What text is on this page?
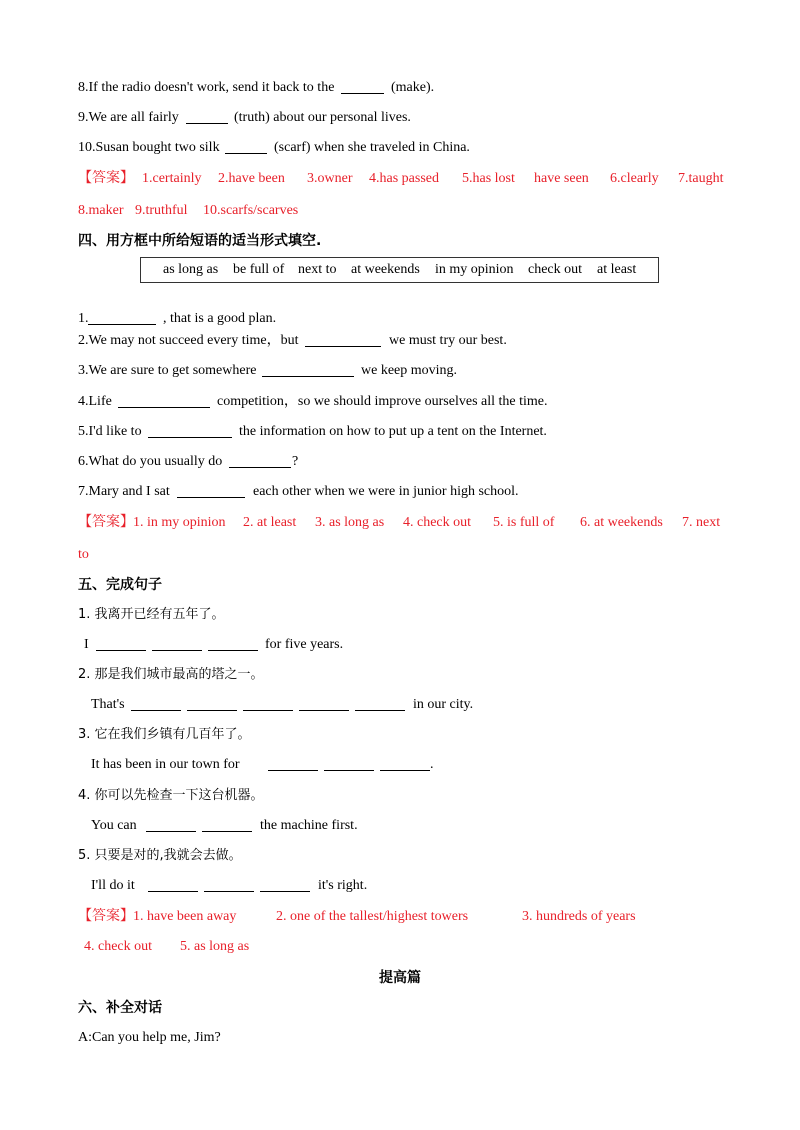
8.If the radio doesn't work, send it back to the	(make).
9.We are all fairly	(truth) about our personal lives.
10.Susan bought two silk	(scarf) when she traveled in China.
【答案】 1.certainly 2.have been 3.owner 4.has passed 5.has lost have seen 6.clearly 7.taught
8.maker 9.truthful 10.scarfs/scarves
四、用方框中所给短语的适当形式填空.
as long as be full of next to at weekends in my opinion check out at least
1.	, that is a good plan.
2.We may not succeed every time，but	we must try our best.
3.We are sure to get somewhere	we keep moving.
4.Life	competition，so we should improve ourselves all the time.
5.I'd like to	the information on how to put up a tent on the Internet.
6.What do you usually do	?
7.Mary and I sat	each other when we were in junior high school.
【答案】 1. in my opinion 2. at least 3. as long as 4. check out 5. is full of 6. at weekends 7. next
to
五、完成句子
1. 我离开已经有五年了。
I	for five years.
2. 那是我们城市最高的塔之一。
That's	in our city.
3. 它在我们乡镇有几百年了。
It has been in our town for	.
4. 你可以先检查一下这台机器。
You can	the machine first.
5. 只要是对的,我就会去做。
I'll do it	it's right.
【答案】 1. have been away	2. one of the tallest/highest towers	3. hundreds of years
4. check out 5. as long as
提高篇
六、补全对话
A:Can you help me, Jim?
